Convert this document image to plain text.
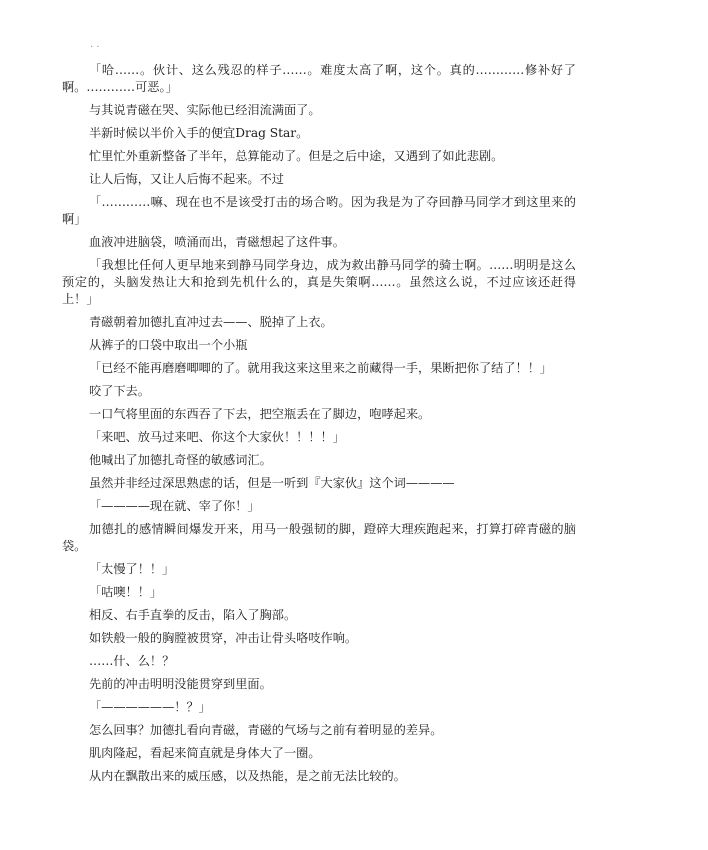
· ·

「哈……。伙计、这么残忍的样子……。难度太高了啊，这个。真的…………修补好了啊。…………可恶。」

与其说青磁在哭、实际他已经泪流满面了。

半新时候以半价入手的便宜Drag Star。

忙里忙外重新整备了半年，总算能动了。但是之后中途，又遇到了如此悲剧。

让人后悔，又让人后悔不起来。不过

「…………嘛、现在也不是该受打击的场合哟。因为我是为了夺回静马同学才到这里来的啊」

血液冲进脑袋，喷涌而出，青磁想起了这件事。

「我想比任何人更早地来到静马同学身边，成为救出静马同学的骑士啊。……明明是这么预定的，头脑发热让大和抢到先机什么的，真是失策啊……。虽然这么说，不过应该还赶得上！」

青磁朝着加德扎直冲过去——、脱掉了上衣。

从裤子的口袋中取出一个小瓶

「已经不能再磨磨唧唧的了。就用我这来这里来之前藏得一手，果断把你了结了！！」

咬了下去。

一口气将里面的东西吞了下去，把空瓶丢在了脚边，咆哮起来。

「来吧、放马过来吧、你这个大家伙！！！！」

他喊出了加德扎奇怪的敏感词汇。

虽然并非经过深思熟虑的话，但是一听到『大家伙』这个词————

「————现在就、宰了你！」

加德扎的感情瞬间爆发开来，用马一般强韧的脚，蹬碎大理疾跑起来，打算打碎青磁的脑袋。

「太慢了！！」

「咕噢！！」

相反、右手直拳的反击，陷入了胸部。

如铁般一般的胸膛被贯穿，冲击让骨头咯吱作响。

……什、么！？

先前的冲击明明没能贯穿到里面。

「——————！？」

怎么回事？加德扎看向青磁，青磁的气场与之前有着明显的差异。

肌肉隆起，看起来简直就是身体大了一圈。

从内在飘散出来的威压感，以及热能，是之前无法比较的。
